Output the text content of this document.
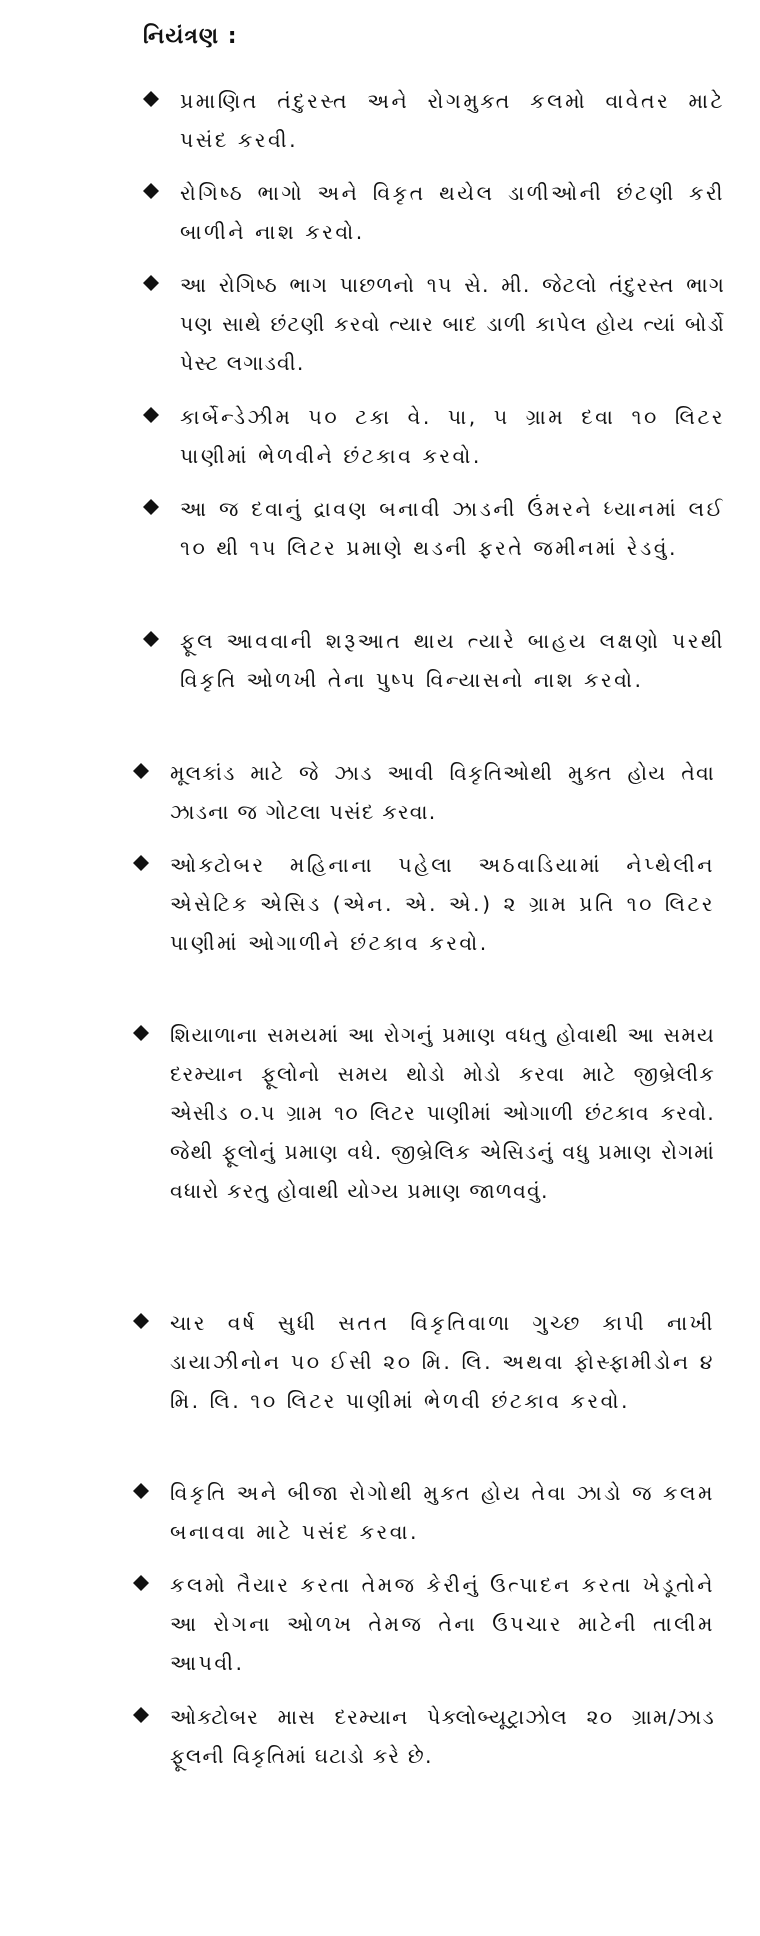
નિયંત્રણ :
પ્રમાણિત તંદુરસ્ત અને રોગમુક્ત કલમો વાવેતર માટે પસંદ કરવી.
રોગિષ્ઠ ભાગો અને વિકૃત થયેલ ડાળીઓની છંટણી કરી બાળીને નાશ કરવો.
આ રોગિષ્ઠ ભાગ પાછળનો ૧૫ સે. મી. જેટલો તંદુરસ્ત ભાગ પણ સાથે છંટણી કરવો ત્યાર બાદ ડાળી કાપેલ હોય ત્યાં બોર્ડો પેસ્ટ લગાડવી.
કાર્બેન્ડેઝીમ ૫૦ ટકા વે. પા, ૫ ગ્રામ દવા ૧૦ લિટર પાણીમાં ભેળવીને છંટકાવ કરવો.
આ જ દવાનું દ્રાવણ બનાવી ઝાડની ઉંમરને ધ્યાનમાં લઈ ૧૦ થી ૧૫ લિટર પ્રમાણે થડની ફરતે જમીનમાં રેડવું.
ફૂલ આવવાની શરૂઆત થાય ત્યારે બાહય લક્ષણો પરથી વિકૃતિ ઓળખી તેના પુષ્પ વિન્યાસનો નાશ કરવો.
મૂલકાંડ માટે જે ઝાડ આવી વિકૃતિઓથી મુક્ત હોય તેવા ઝાડના જ ગોટલા પસંદ કરવા.
ઓક્ટોબર મહિનાના પહેલા અઠવાડિયામાં નેપ્થેલીન એસેટિક એસિડ (એન. એ. એ.) ૨ ગ્રામ પ્રતિ ૧૦ લિટર પાણીમાં ઓગાળીને છંટકાવ કરવો.
શિયાળાના સમયમાં આ રોગનું પ્રમાણ વધતુ હોવાથી આ સમય દરમ્યાન ફૂલોનો સમય થોડો મોડો કરવા માટે જીબ્રેલીક એસીડ ૦.૫ ગ્રામ ૧૦ લિટર પાણીમાં ઓગાળી છંટકાવ કરવો. જેથી ફૂલોનું પ્રમાણ વધે. જીબ્રેલિક એસિડનું વધુ પ્રમાણ રોગમાં વધારો કરતુ હોવાથી યોગ્ય પ્રમાણ જાળવવું.
ચાર વર્ષ સુધી સતત વિકૃતિવાળા ગુચ્છ કાપી નાખી ડાયાઝીનોન ૫૦ ઈસી ૨૦ મિ. લિ. અથવા ફોસ્ફામીડોન ૪ મિ. લિ. ૧૦ લિટર પાણીમાં ભેળવી છંટકાવ કરવો.
વિકૃતિ અને બીજા રોગોથી મુક્ત હોય તેવા ઝાડો જ કલમ બનાવવા માટે પસંદ કરવા.
કલમો તૈયાર કરતા તેમજ કેરીનું ઉત્પાદન કરતા ખેડૂતોને આ રોગના ઓળખ તેમજ તેના ઉપચાર માટેની તાલીમ આપવી.
ઓક્ટોબર માસ દરમ્યાન પેક્લોબ્યૂટ્રાઝોલ ૨૦ ગ્રામ/ઝાડ ફૂલની વિકૃતિમાં ઘટાડો કરે છે.
